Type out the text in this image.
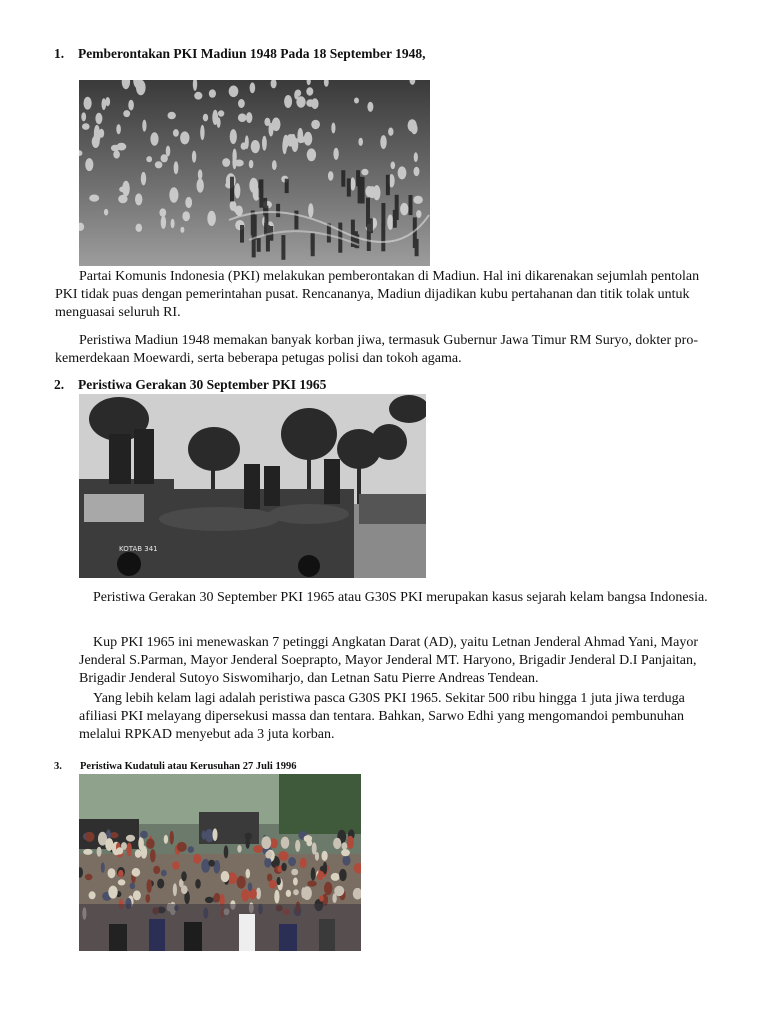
1. Pemberontakan PKI Madiun 1948 Pada 18 September 1948,

Partai Komunis Indonesia (PKI) melakukan pemberontakan di Madiun. Hal ini dikarenakan sejumlah pentolan PKI tidak puas dengan pemerintahan pusat. Rencananya, Madiun dijadikan kubu pertahanan dan titik tolak untuk menguasai seluruh RI.

Peristiwa Madiun 1948 memakan banyak korban jiwa, termasuk Gubernur Jawa Timur RM Suryo, dokter pro-kemerdekaan Moewardi, serta beberapa petugas polisi dan tokoh agama.

2. Peristiwa Gerakan 30 September PKI 1965
KOTAB 341

Peristiwa Gerakan 30 September PKI 1965 atau G30S PKI merupakan kasus sejarah kelam bangsa Indonesia.

Kup PKI 1965 ini menewaskan 7 petinggi Angkatan Darat (AD), yaitu Letnan Jenderal Ahmad Yani, Mayor Jenderal S.Parman, Mayor Jenderal Soeprapto, Mayor Jenderal MT. Haryono, Brigadir Jenderal D.I Panjaitan, Brigadir Jenderal Sutoyo Siswomiharjo, dan Letnan Satu Pierre Andreas Tendean.

Yang lebih kelam lagi adalah peristiwa pasca G30S PKI 1965. Sekitar 500 ribu hingga 1 juta jiwa terduga afiliasi PKI melayang dipersekusi massa dan tentara. Bahkan, Sarwo Edhi yang mengomandoi pembunuhan melalui RPKAD menyebut ada 3 juta korban.

3. Peristiwa Kudatuli atau Kerusuhan 27 Juli 1996
